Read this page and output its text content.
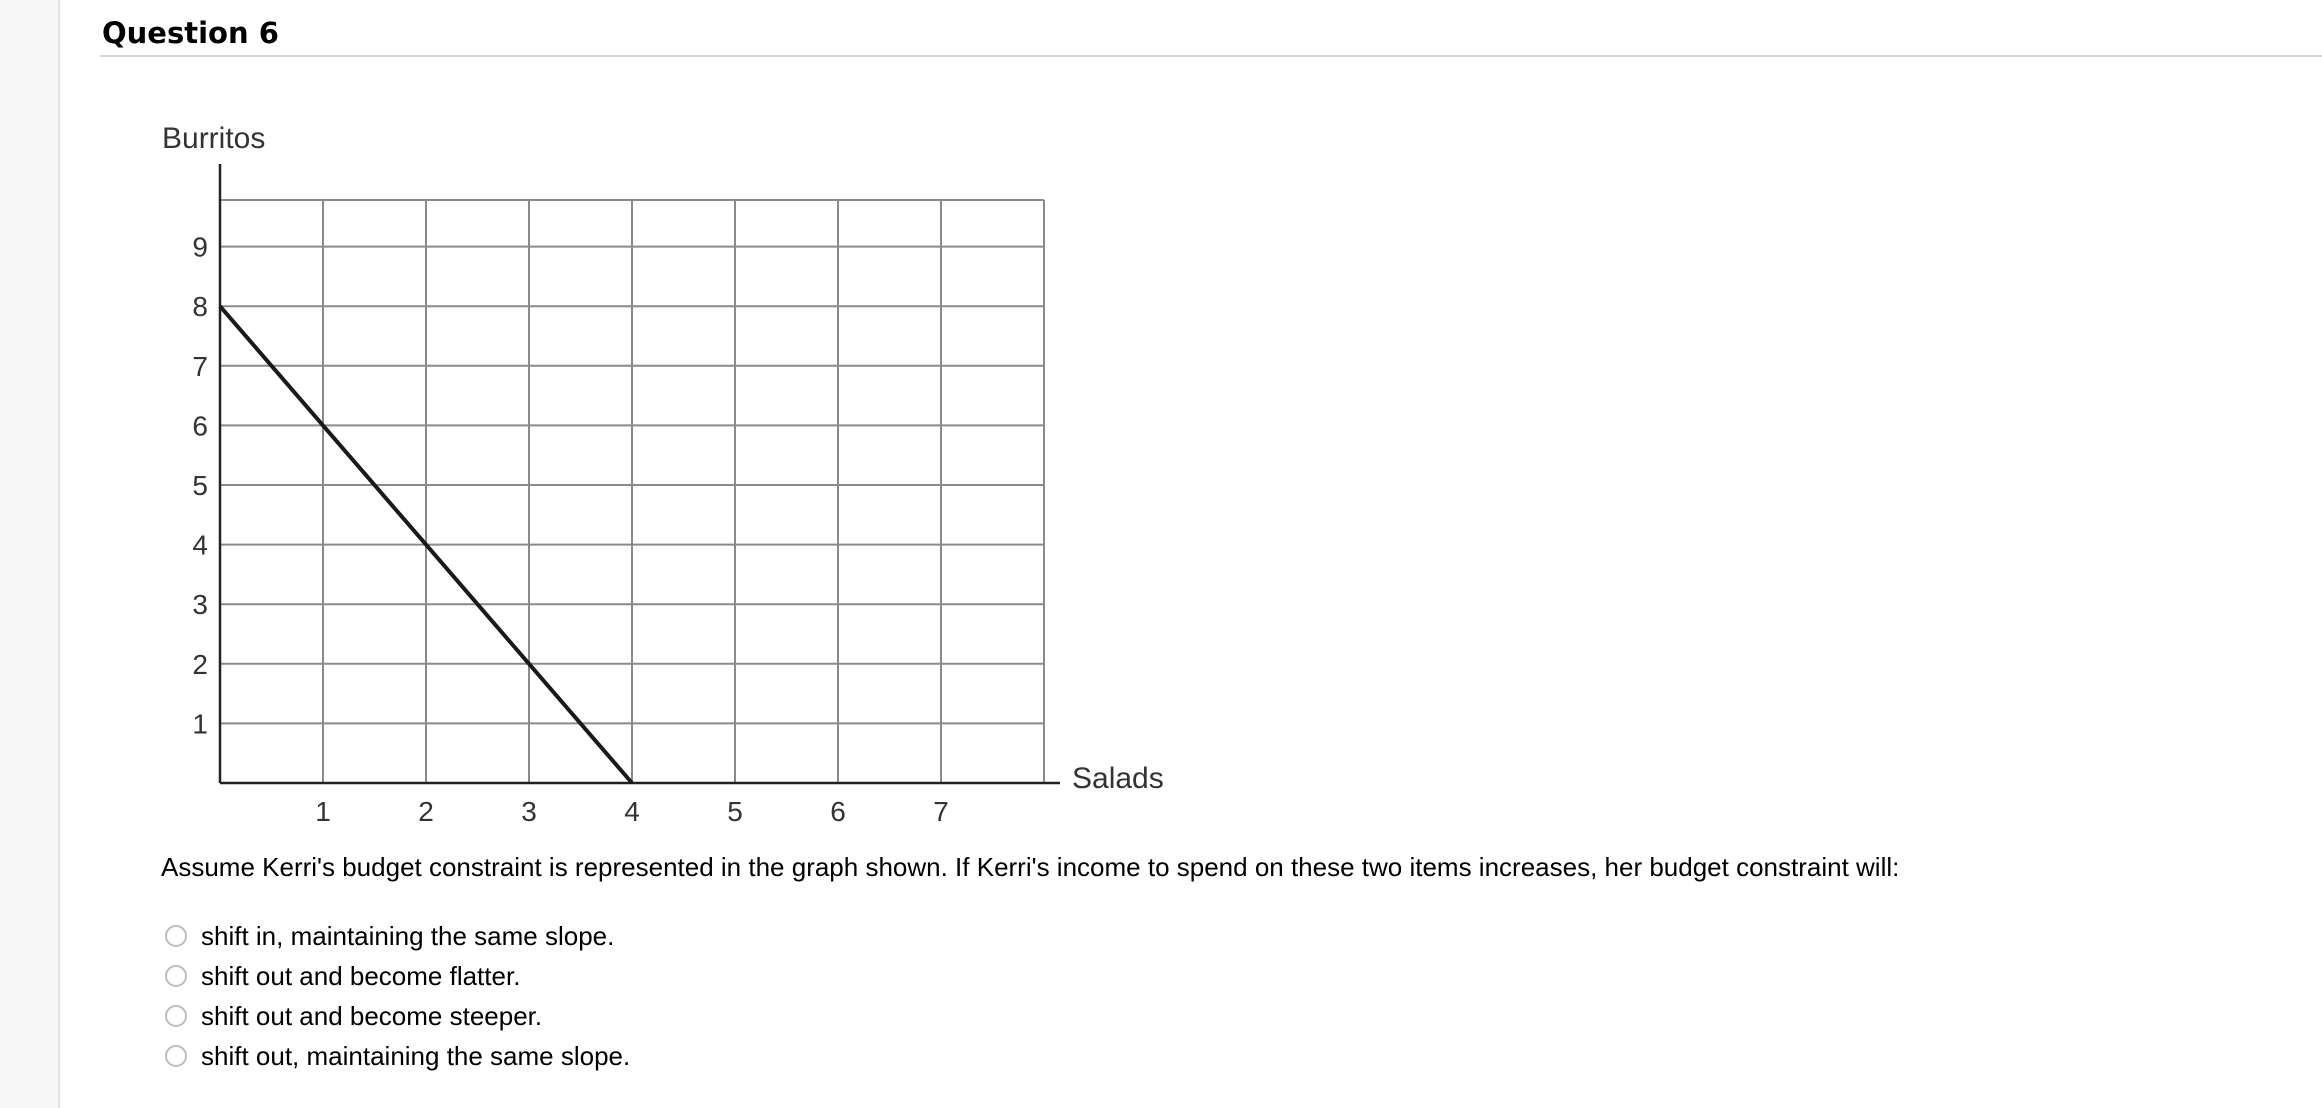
Question 6
1
2
3
4
5
6
7
8
9
1	2	3	4	5	6	7
Burritos
Salads
Assume Kerri's budget constraint is represented in the graph shown. If Kerri's income to spend on these two items increases, her budget constraint will:
shift in, maintaining the same slope.
shift out and become flatter.
shift out and become steeper.
shift out, maintaining the same slope.
